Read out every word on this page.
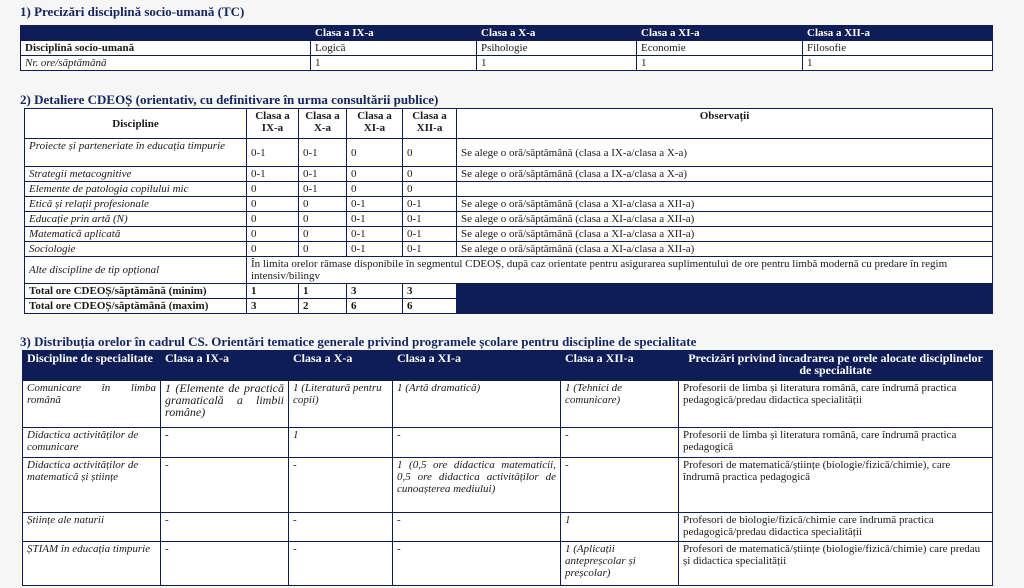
1) Precizări disciplină socio-umană (TC)
	Clasa a IX-a	Clasa a X-a	Clasa a XI-a	Clasa a XII-a
Disciplină socio-umană	Logică	Psihologie	Economie	Filosofie
Nr. ore/săptămână	1	1	1	1
2) Detaliere CDEOȘ (orientativ, cu definitivare în urma consultării publice)
Discipline	Clasa a IX-a	Clasa a X-a	Clasa a XI-a	Clasa a XII-a	Observații
Proiecte și parteneriate în educația timpurie	0-1	0-1	0	0	Se alege o oră/săptămână (clasa a IX-a/clasa a X-a)
Strategii metacognitive	0-1	0-1	0	0	Se alege o oră/săptămână (clasa a IX-a/clasa a X-a)
Elemente de patologia copilului mic	0	0-1	0	0	
Etică și relații profesionale	0	0	0-1	0-1	Se alege o oră/săptămână (clasa a XI-a/clasa a XII-a)
Educație prin artă (N)	0	0	0-1	0-1	Se alege o oră/săptămână (clasa a XI-a/clasa a XII-a)
Matematică aplicată	0	0	0-1	0-1	Se alege o oră/săptămână (clasa a XI-a/clasa a XII-a)
Sociologie	0	0	0-1	0-1	Se alege o oră/săptămână (clasa a XI-a/clasa a XII-a)
Alte discipline de tip opțional	În limita orelor rămase disponibile în segmentul CDEOȘ, după caz orientate pentru asigurarea suplimentului de ore pentru limbă modernă cu predare în regim intensiv/bilingv				
Total ore CDEOȘ/săptămână (minim)	1	1	3	3	
Total ore CDEOȘ/săptămână (maxim)	3	2	6	6	
3) Distribuția orelor în cadrul CS. Orientări tematice generale privind programele școlare pentru discipline de specialitate
Discipline de specialitate	Clasa a IX-a	Clasa a X-a	Clasa a XI-a	Clasa a XII-a	Precizări privind încadrarea pe orele alocate disciplinelor de specialitate
Comunicare în limba română	1 (Elemente de practică gramaticală a limbii române)	1 (Literatură pentru copii)	1 (Artă dramatică)	1 (Tehnici de comunicare)	Profesorii de limba și literatura română, care îndrumă practica pedagogică/predau didactica specialității
Didactica activităților de comunicare	-	1	-	-	Profesorii de limba și literatura română, care îndrumă practica pedagogică
Didactica activităților de matematică și științe	-	-	1 (0,5 ore didactica matematicii, 0,5 ore didactica activităților de cunoașterea mediului)	-	Profesori de matematică/științe (biologie/fizică/chimie), care îndrumă practica pedagogică
Științe ale naturii	-	-	-	1	Profesori de biologie/fizică/chimie care îndrumă practica pedagogică/predau didactica specialității
ȘTIAM în educația timpurie	-	-	-	1 (Aplicații antepreșcolar și preșcolar)	Profesori de matematică/științe (biologie/fizică/chimie) care predau și didactica specialității
